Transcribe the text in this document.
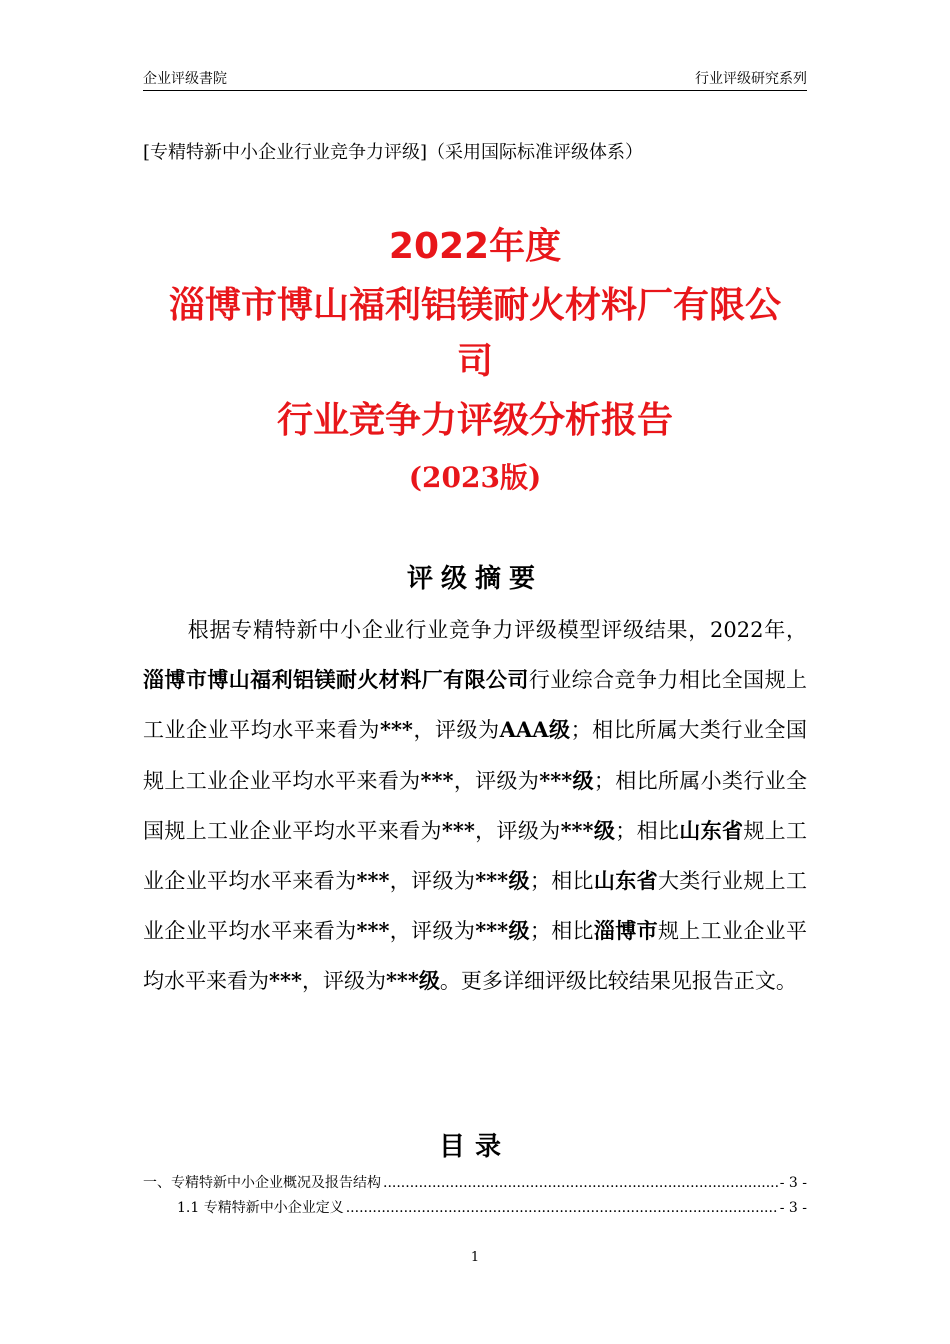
企业评级書院	行业评级研究系列
[专精特新中小企业行业竞争力评级]（采用国际标准评级体系）
2022年度
淄博市博山福利铝镁耐火材料厂有限公
司
行业竞争力评级分析报告
(2023版)
评级摘要
根据专精特新中小企业行业竞争力评级模型评级结果，2022年，淄博市博山福利铝镁耐火材料厂有限公司行业综合竞争力相比全国规上工业企业平均水平来看为***，评级为AAA级；相比所属大类行业全国规上工业企业平均水平来看为***，评级为***级；相比所属小类行业全国规上工业企业平均水平来看为***，评级为***级；相比山东省规上工业企业平均水平来看为***，评级为***级；相比山东省大类行业规上工业企业平均水平来看为***，评级为***级；相比淄博市规上工业企业平均水平来看为***，评级为***级。更多详细评级比较结果见报告正文。
目录
一、专精特新中小企业概况及报告结构 .....	- 3 -
1.1 专精特新中小企业定义 .....	- 3 -
1
